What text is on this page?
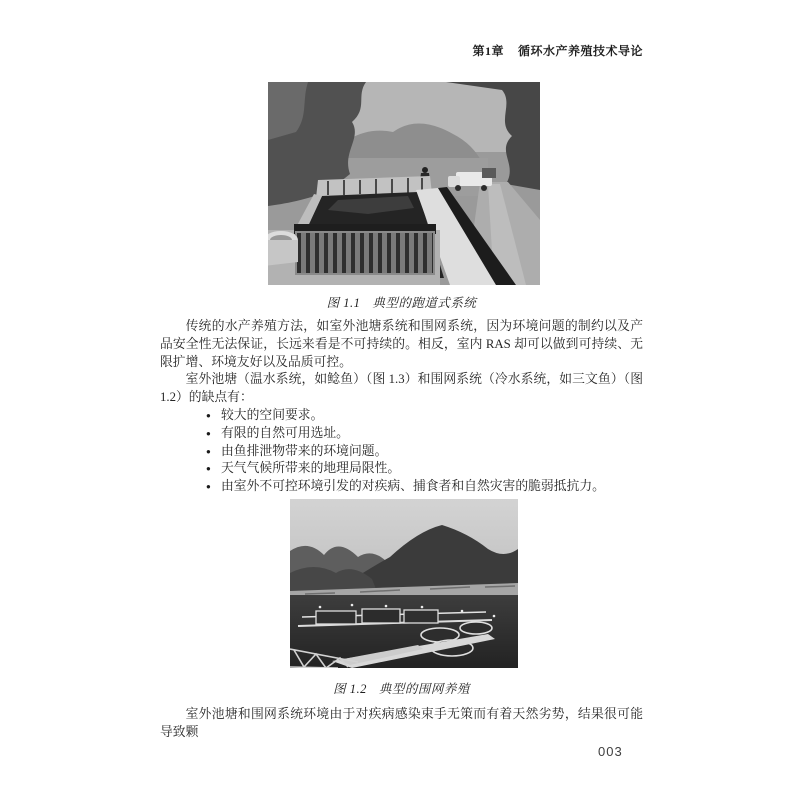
第1章 循环水产养殖技术导论
图 1.1 典型的跑道式系统

传统的水产养殖方法，如室外池塘系统和围网系统，因为环境问题的制约以及产品安全性无法保证，长远来看是不可持续的。相反，室内 RAS 却可以做到可持续、无限扩增、环境友好以及品质可控。

室外池塘（温水系统，如鲶鱼）（图 1.3）和围网系统（冷水系统，如三文鱼）（图 1.2）的缺点有：

● 较大的空间要求。
● 有限的自然可用选址。
● 由鱼排泄物带来的环境问题。
● 天气气候所带来的地理局限性。
● 由室外不可控环境引发的对疾病、捕食者和自然灾害的脆弱抵抗力。
图 1.2 典型的围网养殖

室外池塘和围网系统环境由于对疾病感染束手无策而有着天然劣势，结果很可能导致颗

003
